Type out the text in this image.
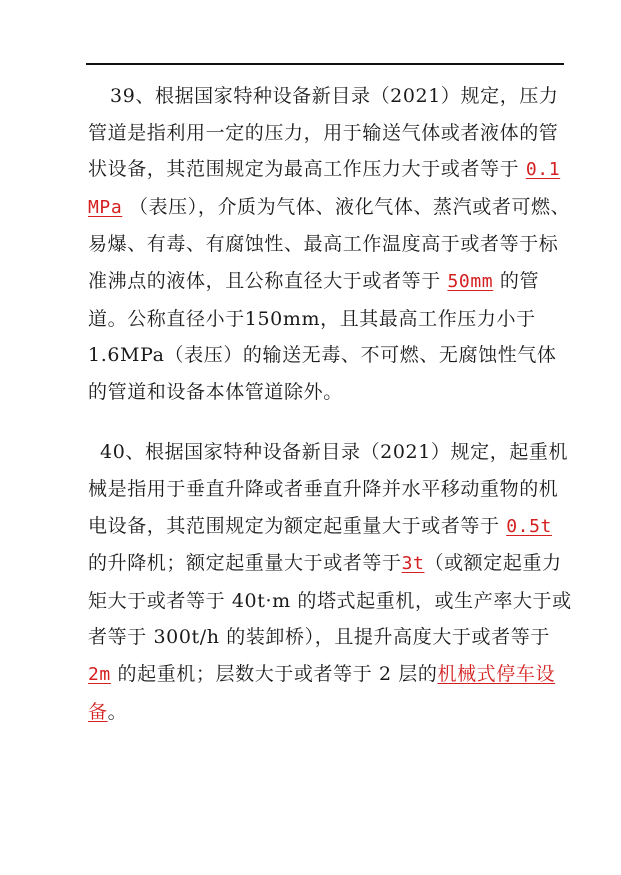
39、根据国家特种设备新目录（2021）规定，压力管道是指利用一定的压力，用于输送气体或者液体的管状设备，其范围规定为最高工作压力大于或者等于 0.1 MPa （表压），介质为气体、液化气体、蒸汽或者可燃、易爆、有毒、有腐蚀性、最高工作温度高于或者等于标准沸点的液体，且公称直径大于或者等于 50mm 的管道。公称直径小于150mm，且其最高工作压力小于 1.6MPa（表压）的输送无毒、不可燃、无腐蚀性气体的管道和设备本体管道除外。

40、根据国家特种设备新目录（2021）规定，起重机械是指用于垂直升降或者垂直升降并水平移动重物的机电设备，其范围规定为额定起重量大于或者等于 0.5t 的升降机；额定起重量大于或者等于3t（或额定起重力矩大于或者等于 40t·m 的塔式起重机，或生产率大于或者等于 300t/h 的装卸桥），且提升高度大于或者等于 2m 的起重机；层数大于或者等于 2 层的机械式停车设备。
